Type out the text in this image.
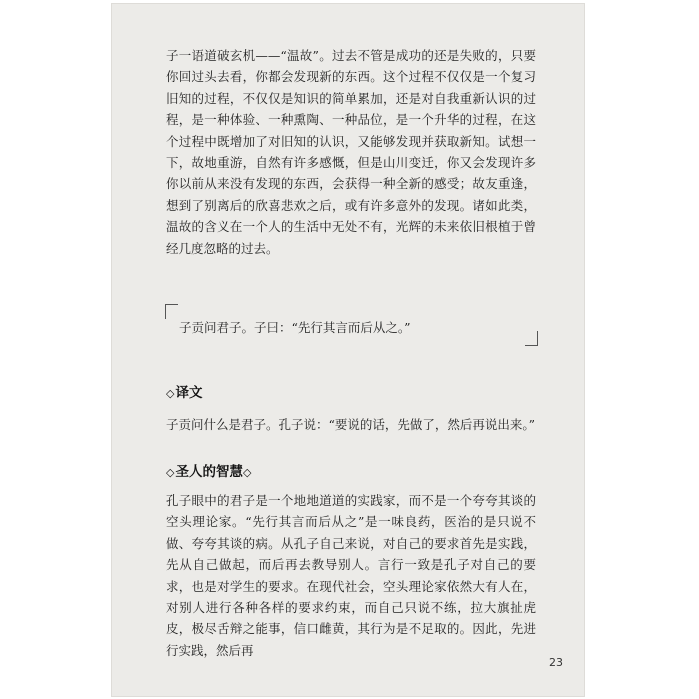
子一语道破玄机——“温故”。过去不管是成功的还是失败的，只要你回过头去看，你都会发现新的东西。这个过程不仅仅是一个复习旧知的过程，不仅仅是知识的简单累加，还是对自我重新认识的过程，是一种体验、一种熏陶、一种品位，是一个升华的过程，在这个过程中既增加了对旧知的认识，又能够发现并获取新知。试想一下，故地重游，自然有许多感慨，但是山川变迁，你又会发现许多你以前从来没有发现的东西，会获得一种全新的感受；故友重逢，想到了别离后的欣喜悲欢之后，或有许多意外的发现。诸如此类，温故的含义在一个人的生活中无处不有，光辉的未来依旧根植于曾经几度忽略的过去。

子贡问君子。子曰：“先行其言而后从之。”
◇译文

子贡问什么是君子。孔子说：“要说的话，先做了，然后再说出来。”

◇圣人的智慧◇

孔子眼中的君子是一个地地道道的实践家，而不是一个夸夸其谈的空头理论家。“先行其言而后从之”是一味良药，医治的是只说不做、夸夸其谈的病。从孔子自己来说，对自己的要求首先是实践，先从自己做起，而后再去教导别人。言行一致是孔子对自己的要求，也是对学生的要求。在现代社会，空头理论家依然大有人在，对别人进行各种各样的要求约束，而自己只说不练，拉大旗扯虎皮，极尽舌辩之能事，信口雌黄，其行为是不足取的。因此，先进行实践，然后再

23
